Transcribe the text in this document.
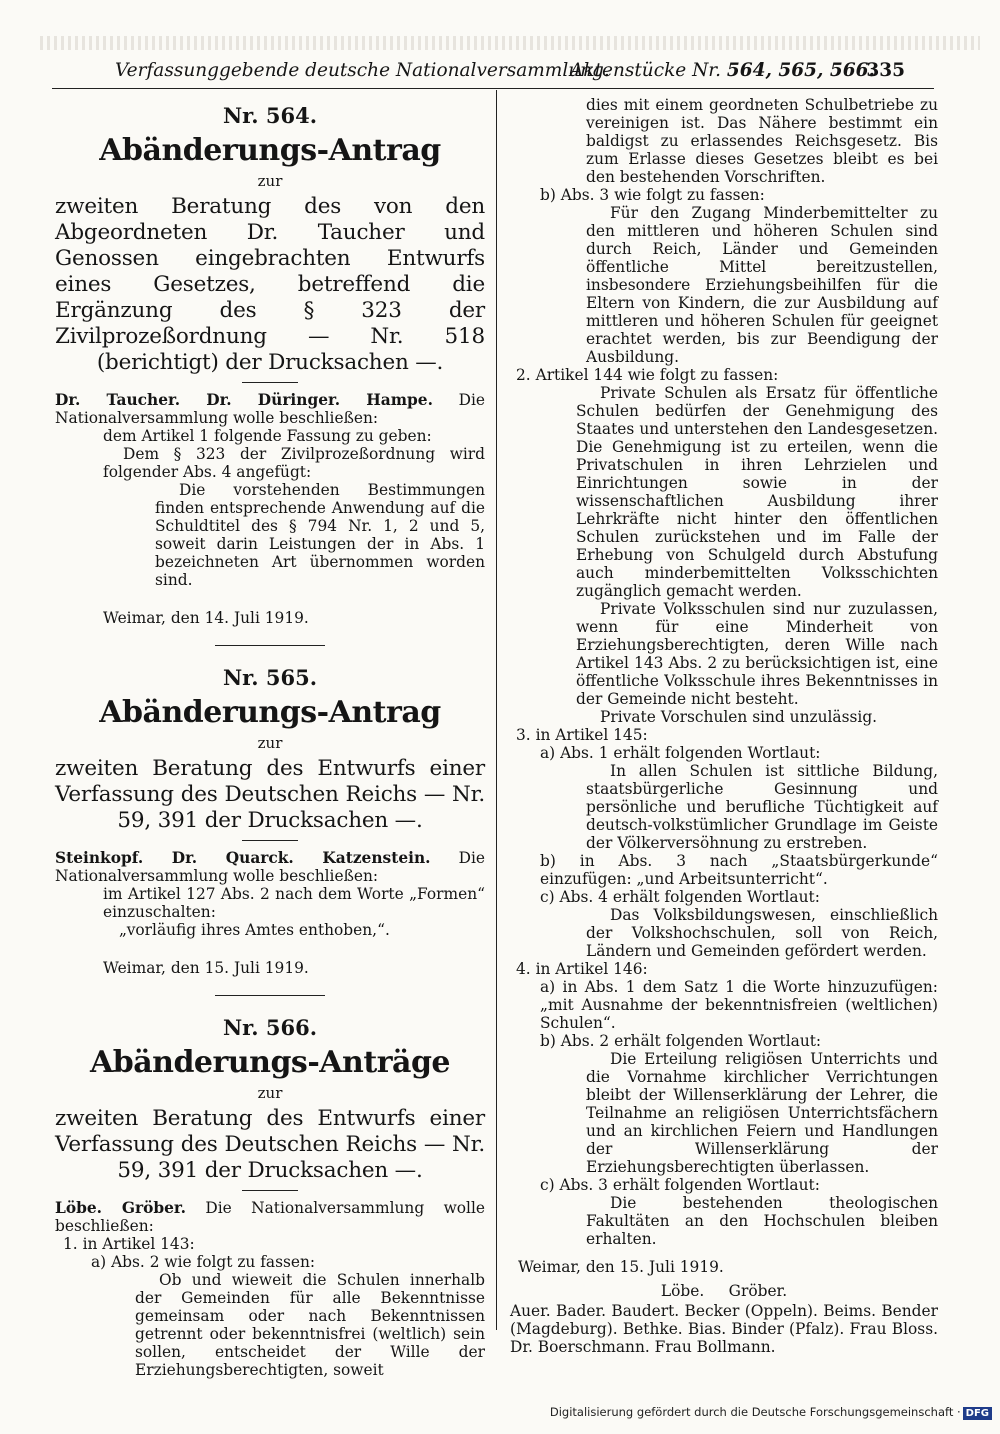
Verfassunggebende deutsche Nationalversammlung.
Aktenstücke Nr. 564, 565, 566.
335
Nr. 564.
Abänderungs-Antrag
zur
zweiten Beratung des von den Abgeordneten Dr. Taucher und Genossen eingebrachten Entwurfs eines Gesetzes, betreffend die Ergänzung des § 323 der Zivilprozeßordnung — Nr. 518 (berichtigt) der Drucksachen —.

Dr. Taucher. Dr. Düringer. Hampe. Die Nationalversammlung wolle beschließen:

dem Artikel 1 folgende Fassung zu geben:

Dem § 323 der Zivilprozeßordnung wird folgender Abs. 4 angefügt:

Die vorstehenden Bestimmungen finden entsprechende Anwendung auf die Schuldtitel des § 794 Nr. 1, 2 und 5, soweit darin Leistungen der in Abs. 1 bezeichneten Art übernommen worden sind.

Weimar, den 14. Juli 1919.

Nr. 565.
Abänderungs-Antrag
zur
zweiten Beratung des Entwurfs einer Verfassung des Deutschen Reichs — Nr. 59, 391 der Drucksachen —.

Steinkopf. Dr. Quarck. Katzenstein. Die Nationalversammlung wolle beschließen:

im Artikel 127 Abs. 2 nach dem Worte „Formen“ einzuschalten:

„vorläufig ihres Amtes enthoben,“.

Weimar, den 15. Juli 1919.

Nr. 566.
Abänderungs-Anträge
zur
zweiten Beratung des Entwurfs einer Verfassung des Deutschen Reichs — Nr. 59, 391 der Drucksachen —.

Löbe. Gröber. Die Nationalversammlung wolle beschließen:

1. in Artikel 143:

a) Abs. 2 wie folgt zu fassen:

Ob und wieweit die Schulen innerhalb der Gemeinden für alle Bekenntnisse gemeinsam oder nach Bekenntnissen getrennt oder bekenntnisfrei (weltlich) sein sollen, entscheidet der Wille der Erziehungsberechtigten, soweit

dies mit einem geordneten Schulbetriebe zu vereinigen ist. Das Nähere bestimmt ein baldigst zu erlassendes Reichsgesetz. Bis zum Erlasse dieses Gesetzes bleibt es bei den bestehenden Vorschriften.

b) Abs. 3 wie folgt zu fassen:

Für den Zugang Minderbemittelter zu den mittleren und höheren Schulen sind durch Reich, Länder und Gemeinden öffentliche Mittel bereitzustellen, insbesondere Erziehungsbeihilfen für die Eltern von Kindern, die zur Ausbildung auf mittleren und höheren Schulen für geeignet erachtet werden, bis zur Beendigung der Ausbildung.

2. Artikel 144 wie folgt zu fassen:

Private Schulen als Ersatz für öffentliche Schulen bedürfen der Genehmigung des Staates und unterstehen den Landesgesetzen. Die Genehmigung ist zu erteilen, wenn die Privatschulen in ihren Lehrzielen und Einrichtungen sowie in der wissenschaftlichen Ausbildung ihrer Lehrkräfte nicht hinter den öffentlichen Schulen zurückstehen und im Falle der Erhebung von Schulgeld durch Abstufung auch minderbemittelten Volksschichten zugänglich gemacht werden.

Private Volksschulen sind nur zuzulassen, wenn für eine Minderheit von Erziehungsberechtigten, deren Wille nach Artikel 143 Abs. 2 zu berücksichtigen ist, eine öffentliche Volksschule ihres Bekenntnisses in der Gemeinde nicht besteht.

Private Vorschulen sind unzulässig.

3. in Artikel 145:

a) Abs. 1 erhält folgenden Wortlaut:

In allen Schulen ist sittliche Bildung, staatsbürgerliche Gesinnung und persönliche und berufliche Tüchtigkeit auf deutsch-volkstümlicher Grundlage im Geiste der Völkerversöhnung zu erstreben.

b) in Abs. 3 nach „Staatsbürgerkunde“ einzufügen: „und Arbeitsunterricht“.

c) Abs. 4 erhält folgenden Wortlaut:

Das Volksbildungswesen, einschließlich der Volkshochschulen, soll von Reich, Ländern und Gemeinden gefördert werden.

4. in Artikel 146:

a) in Abs. 1 dem Satz 1 die Worte hinzuzufügen: „mit Ausnahme der bekenntnisfreien (weltlichen) Schulen“.

b) Abs. 2 erhält folgenden Wortlaut:

Die Erteilung religiösen Unterrichts und die Vornahme kirchlicher Verrichtungen bleibt der Willenserklärung der Lehrer, die Teilnahme an religiösen Unterrichtsfächern und an kirchlichen Feiern und Handlungen der Willenserklärung der Erziehungsberechtigten überlassen.

c) Abs. 3 erhält folgenden Wortlaut:

Die bestehenden theologischen Fakultäten an den Hochschulen bleiben erhalten.

Weimar, den 15. Juli 1919.

Löbe.     Gröber.

Auer. Bader. Baudert. Becker (Oppeln). Beims. Bender (Magdeburg). Bethke. Bias. Binder (Pfalz). Frau Bloss. Dr. Boerschmann. Frau Bollmann.

Digitalisierung gefördert durch die Deutsche Forschungsgemeinschaft · DFG
